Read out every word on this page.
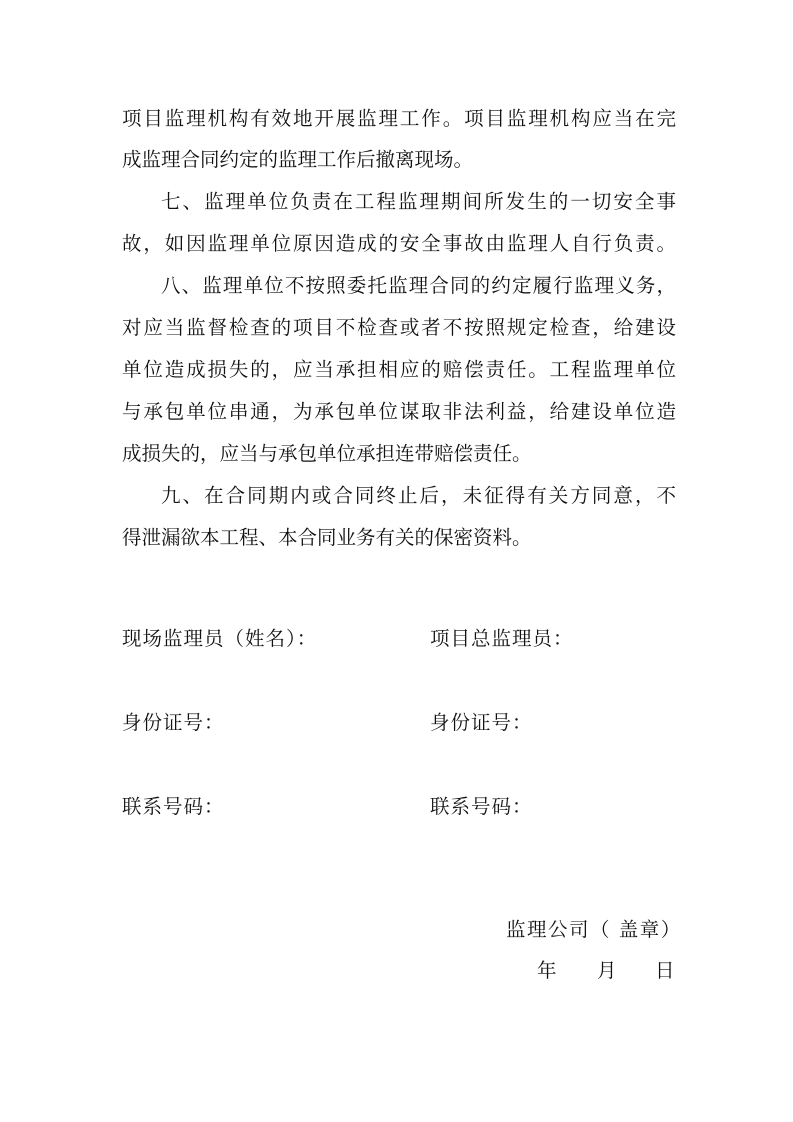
项目监理机构有效地开展监理工作。项目监理机构应当在完
成监理合同约定的监理工作后撤离现场。
七、监理单位负责在工程监理期间所发生的一切安全事
故，如因监理单位原因造成的安全事故由监理人自行负责。
八、监理单位不按照委托监理合同的约定履行监理义务，
对应当监督检查的项目不检查或者不按照规定检查，给建设
单位造成损失的，应当承担相应的赔偿责任。工程监理单位
与承包单位串通，为承包单位谋取非法利益，给建设单位造
成损失的，应当与承包单位承担连带赔偿责任。
九、在合同期内或合同终止后，未征得有关方同意，不
得泄漏欲本工程、本合同业务有关的保密资料。
现场监理员（姓名）：
身份证号：
联系号码：
项目总监理员：
身份证号：
联系号码：
监理公司（ 盖章）
年 月 日
